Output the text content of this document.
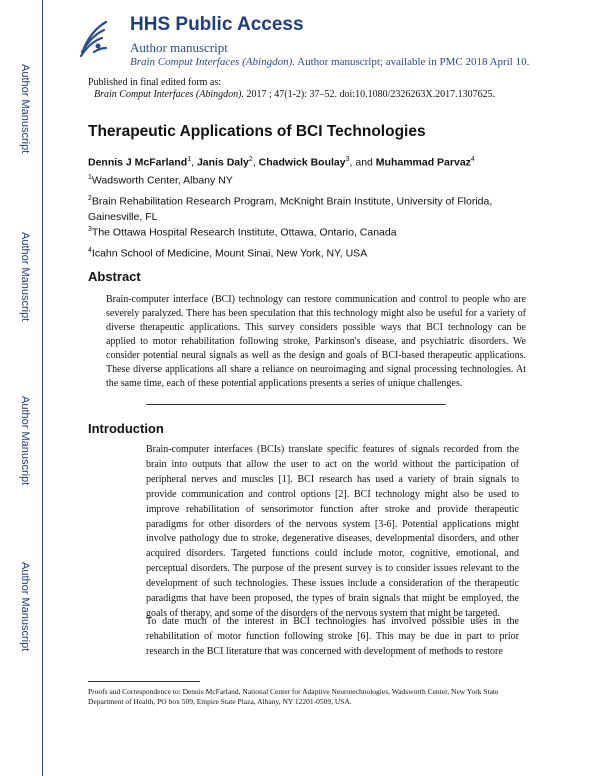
Author Manuscript
Author Manuscript
Author Manuscript
Author Manuscript
HHS Public Access
Author manuscript
Brain Comput Interfaces (Abingdon). Author manuscript; available in PMC 2018 April 10.
Published in final edited form as:
Brain Comput Interfaces (Abingdon). 2017 ; 47(1-2): 37–52. doi:10.1080/2326263X.2017.1307625.
Therapeutic Applications of BCI Technologies
Dennis J McFarland$^1$, Janis Daly$^2$, Chadwick Boulay$^3$, and Muhammad Parvaz$^4$
$^1$Wadsworth Center, Albany NY
$^2$Brain Rehabilitation Research Program, McKnight Brain Institute, University of Florida, Gainesville, FL
$^3$The Ottawa Hospital Research Institute, Ottawa, Ontario, Canada
$^4$Icahn School of Medicine, Mount Sinai, New York, NY, USA
Abstract
Brain-computer interface (BCI) technology can restore communication and control to people who are severely paralyzed. There has been speculation that this technology might also be useful for a variety of diverse therapeutic applications. This survey considers possible ways that BCI technology can be applied to motor rehabilitation following stroke, Parkinson's disease, and psychiatric disorders. We consider potential neural signals as well as the design and goals of BCI-based therapeutic applications. These diverse applications all share a reliance on neuroimaging and signal processing technologies. At the same time, each of these potential applications presents a series of unique challenges.
Introduction
Brain-computer interfaces (BCIs) translate specific features of signals recorded from the brain into outputs that allow the user to act on the world without the participation of peripheral nerves and muscles [1]. BCI research has used a variety of brain signals to provide communication and control options [2]. BCI technology might also be used to improve rehabilitation of sensorimotor function after stroke and provide therapeutic paradigms for other disorders of the nervous system [3-6]. Potential applications might involve pathology due to stroke, degenerative diseases, developmental disorders, and other acquired disorders. Targeted functions could include motor, cognitive, emotional, and perceptual disorders. The purpose of the present survey is to consider issues relevant to the development of such technologies. These issues include a consideration of the therapeutic paradigms that have been proposed, the types of brain signals that might be employed, the goals of therapy, and some of the disorders of the nervous system that might be targeted.
To date much of the interest in BCI technologies has involved possible uses in the rehabilitation of motor function following stroke [6]. This may be due in part to prior research in the BCI literature that was concerned with development of methods to restore
Proofs and Correspondence to: Dennis McFarland, National Center for Adaptive Neurotechnologies, Wadsworth Center, New York State Department of Health, PO box 509, Empire State Plaza, Albany, NY 12201-0509, USA.
